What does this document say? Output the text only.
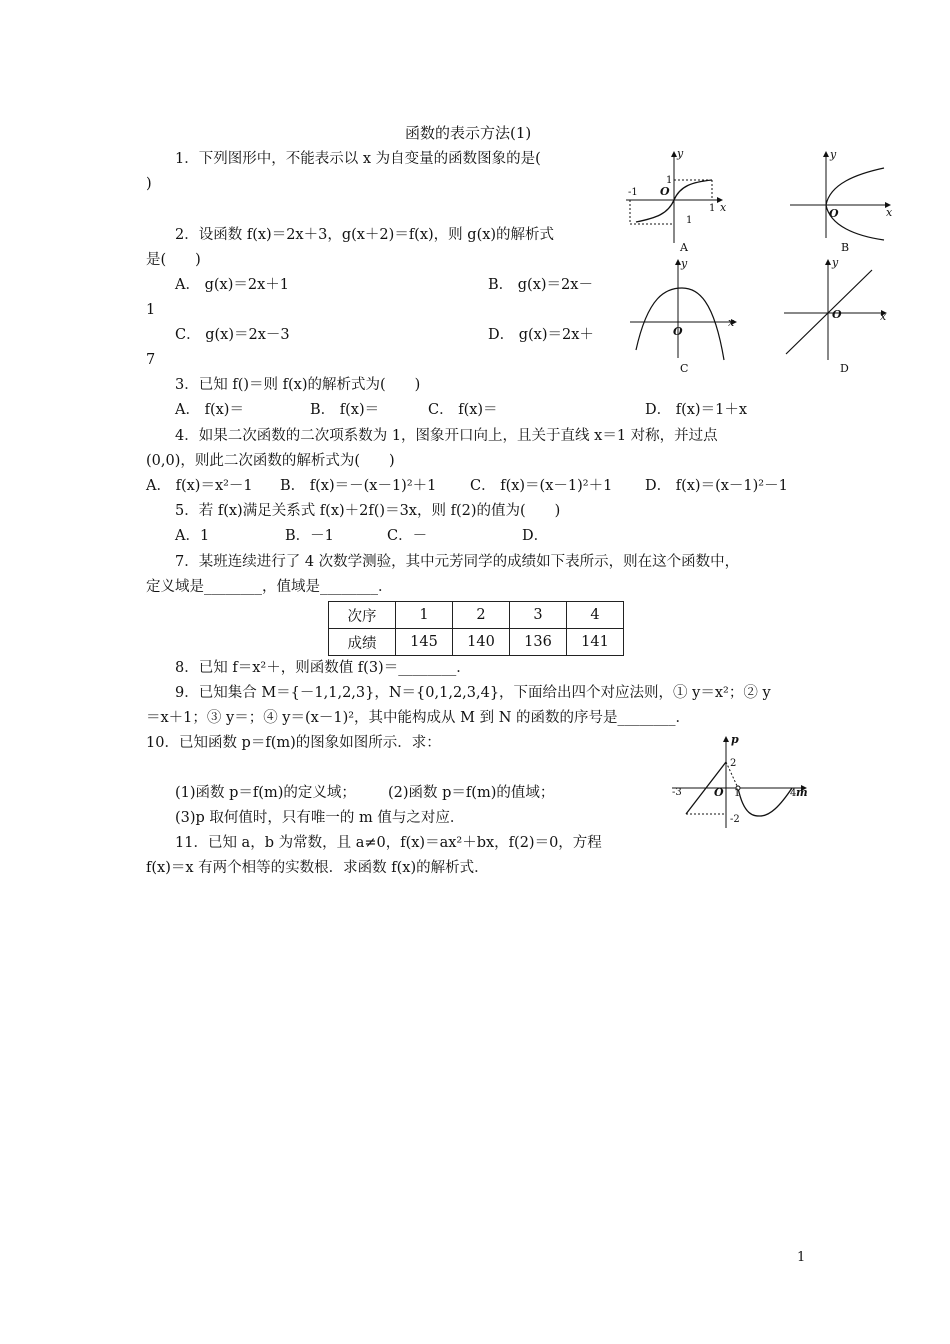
函数的表示方法(1)
1．下列图形中，不能表示以 x 为自变量的函数图象的是(
)
2．设函数 f(x)＝2x＋3，g(x＋2)＝f(x)，则 g(x)的解析式
是(　　)
A． g(x)＝2x＋1	B． g(x)＝2x－
1
C． g(x)＝2x－3	D． g(x)＝2x＋
7
3．已知 f()＝则 f(x)的解析式为(　　)
A． f(x)＝	B． f(x)＝	C． f(x)＝	D． f(x)＝1＋x
4．如果二次函数的二次项系数为 1，图象开口向上，且关于直线 x＝1 对称，并过点
(0,0)，则此二次函数的解析式为(　　)
A． f(x)＝x²－1 B． f(x)＝－(x－1)²＋1 C． f(x)＝(x－1)²＋1 D． f(x)＝(x－1)²－1
5．若 f(x)满足关系式 f(x)＋2f()＝3x，则 f(2)的值为(　　)
A．1	B．－1	C．－	D．
7．某班连续进行了 4 次数学测验，其中元芳同学的成绩如下表所示，则在这个函数中，
定义域是________，值域是________．
次序	1	2	3	4
成绩	145	140	136	141
8．已知 f＝x²＋，则函数值 f(3)＝________．
9．已知集合 M＝{－1,1,2,3}，N＝{0,1,2,3,4}，下面给出四个对应法则，① y＝x²；② y
＝x＋1；③ y＝；④ y＝(x－1)²，其中能构成从 M 到 N 的函数的序号是________．
10．已知函数 p＝f(m)的图象如图所示．求：
(1)函数 p＝f(m)的定义域； (2)函数 p＝f(m)的值域；
(3)p 取何值时，只有唯一的 m 值与之对应．
11．已知 a，b 为常数，且 a≠0，f(x)＝ax²＋bx，f(2)＝0，方程
f(x)＝x 有两个相等的实数根．求函数 f(x)的解析式．
y
x
O
-1
1
1
1
A
y
x
O
B
y
x
O
C
y
x
O
D
p
m
2
-3	O 1	4
-2
1
